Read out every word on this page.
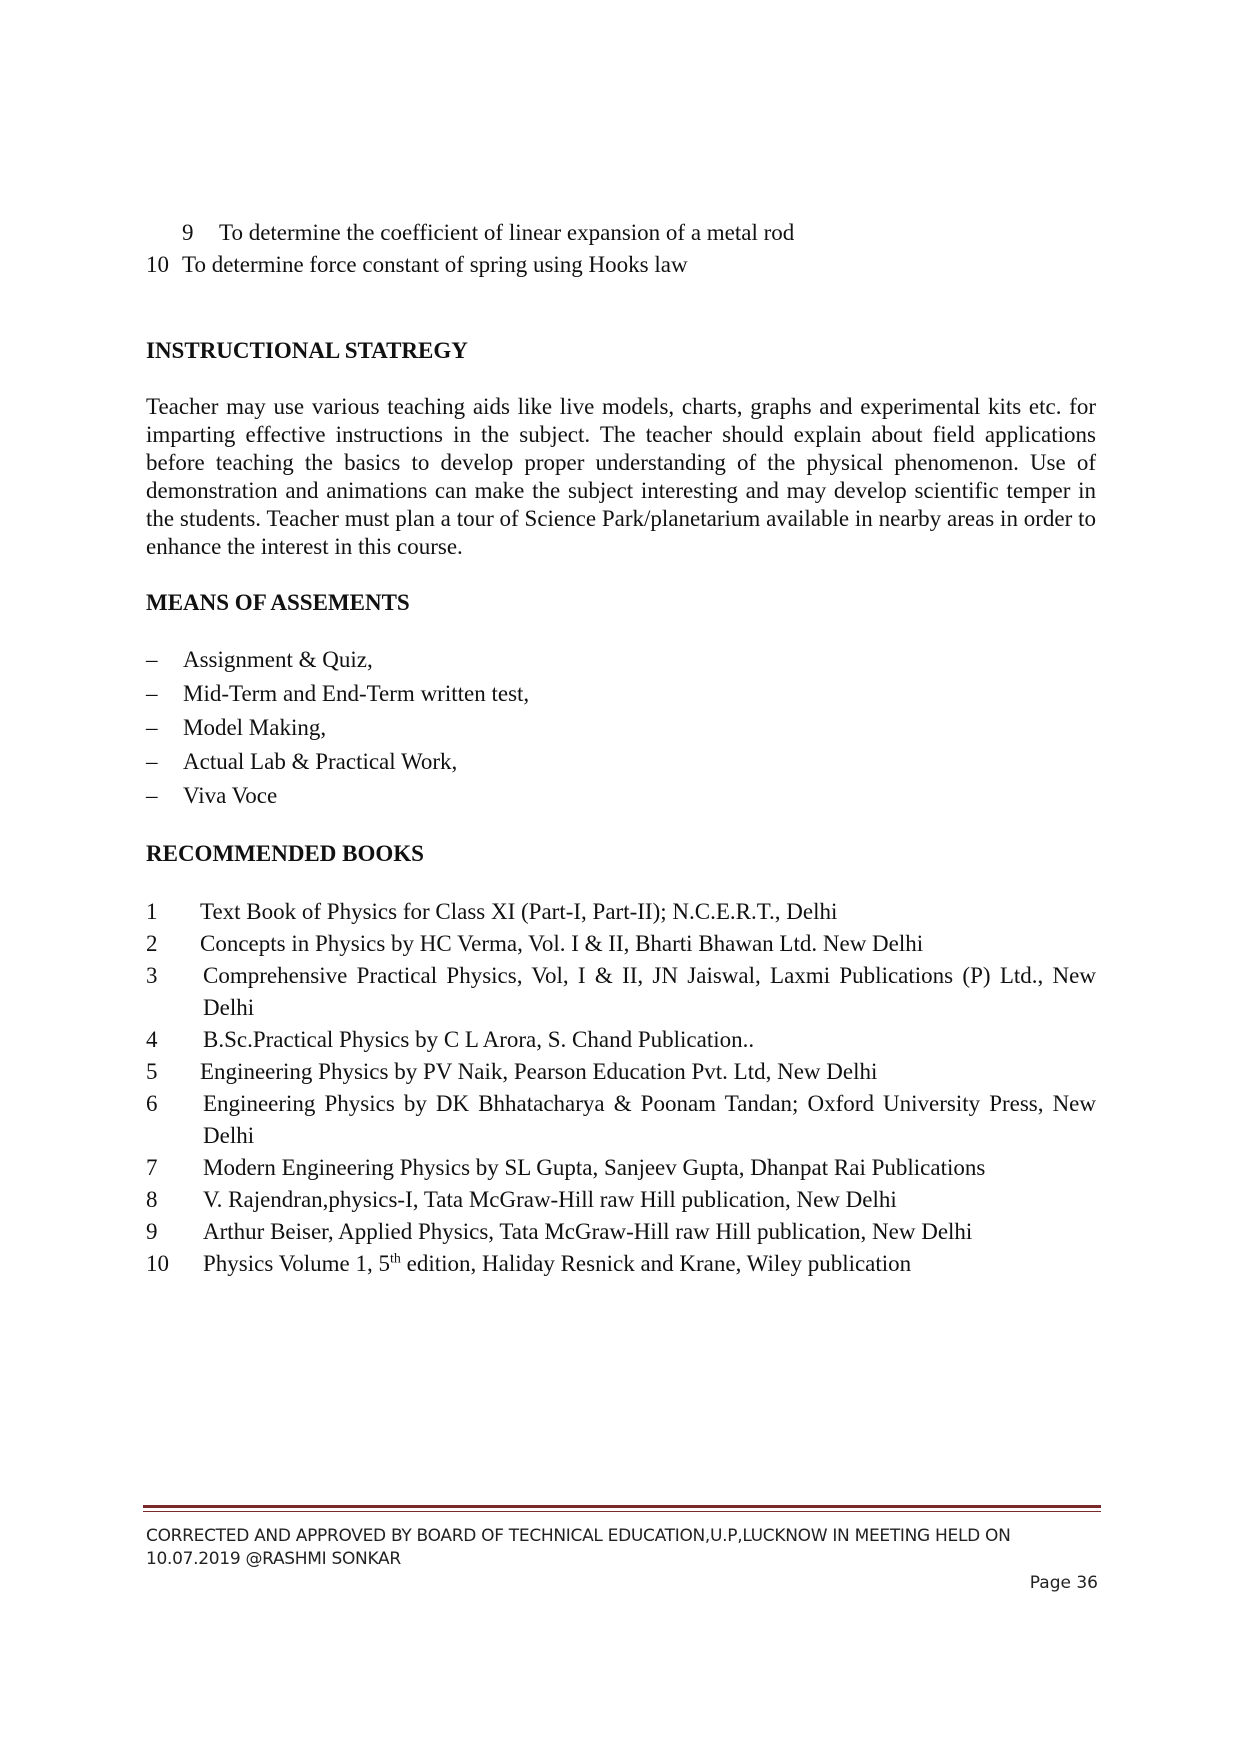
9 To determine the coefficient of linear expansion of a metal rod
10 To determine force constant of spring using Hooks law
INSTRUCTIONAL STATREGY
Teacher may use various teaching aids like live models, charts, graphs and experimental kits etc. for imparting effective instructions in the subject. The teacher should explain about field applications before teaching the basics to develop proper understanding of the physical phenomenon. Use of demonstration and animations can make the subject interesting and may develop scientific temper in the students. Teacher must plan a tour of Science Park/planetarium available in nearby areas in order to enhance the interest in this course.
MEANS OF ASSEMENTS
– Assignment & Quiz,
– Mid-Term and End-Term written test,
– Model Making,
– Actual Lab & Practical Work,
– Viva Voce
RECOMMENDED BOOKS
1 Text Book of Physics for Class XI (Part-I, Part-II); N.C.E.R.T., Delhi
2 Concepts in Physics by HC Verma, Vol. I & II, Bharti Bhawan Ltd. New Delhi
3 Comprehensive Practical Physics, Vol, I & II, JN Jaiswal, Laxmi Publications (P) Ltd., New Delhi
4 B.Sc.Practical Physics by C L Arora, S. Chand Publication..
5 Engineering Physics by PV Naik, Pearson Education Pvt. Ltd, New Delhi
6 Engineering Physics by DK Bhhatacharya & Poonam Tandan; Oxford University Press, New Delhi
7 Modern Engineering Physics by SL Gupta, Sanjeev Gupta, Dhanpat Rai Publications
8 V. Rajendran,physics-I, Tata McGraw-Hill raw Hill publication, New Delhi
9 Arthur Beiser, Applied Physics, Tata McGraw-Hill raw Hill publication, New Delhi
10 Physics Volume 1, 5th edition, Haliday Resnick and Krane, Wiley publication
CORRECTED AND APPROVED BY BOARD OF TECHNICAL EDUCATION,U.P,LUCKNOW IN MEETING HELD ON
10.07.2019 @RASHMI SONKAR
Page 36
